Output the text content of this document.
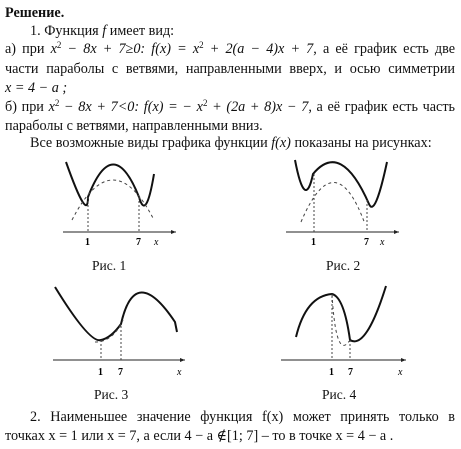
Решение.
1. Функция f имеет вид:
а) при $x^2 - 8x + 7\ge 0$: $f(x) = x^2 + 2(a - 4)x + 7$, а её график есть две
части параболы с ветвями, направленными вверх, и осью симметрии
x = 4 − a ;
б) при $x^2 - 8x + 7<0$: f(x) = − $x^2 + (2a + 8)x - 7$, а её график есть часть
параболы с ветвями, направленными вниз.
Все возможные виды графика функции f(x) показаны на рисунках:
1	7 x
Рис. 1
1	7 x
Рис. 2
1 7	x
Рис. 3
1 7	x
Рис. 4
2. Наименьшее значение функция f(x) может принять только в
точках x = 1 или x = 7, а если 4 − a ∉[1; 7] – то в точке x = 4 − a .
